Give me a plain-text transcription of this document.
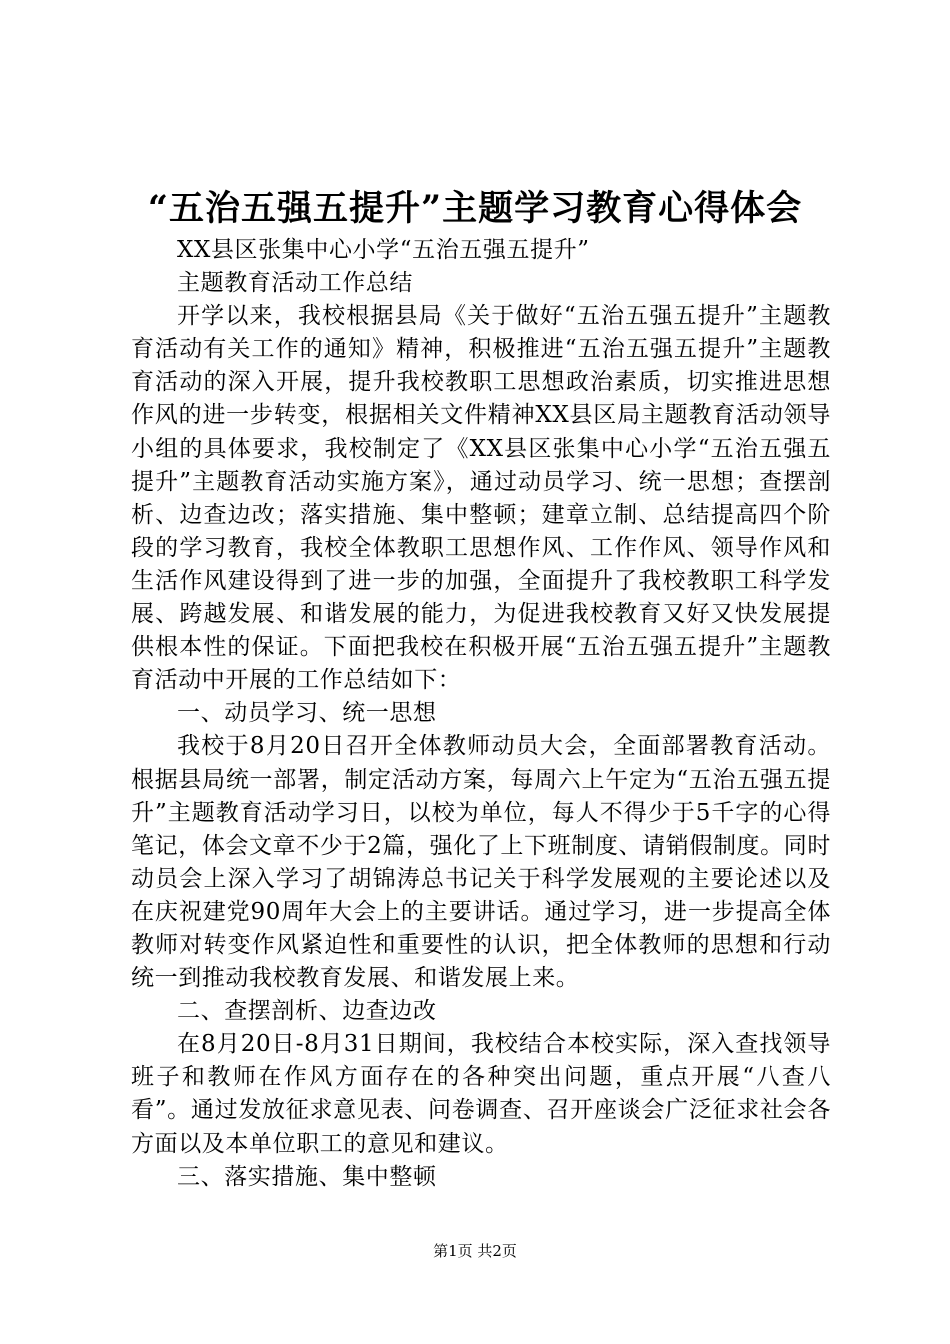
“五治五强五提升”主题学习教育心得体会

XX县区张集中心小学“五治五强五提升”

主题教育活动工作总结

开学以来，我校根据县局《关于做好“五治五强五提升”主题教育活动有关工作的通知》精神，积极推进“五治五强五提升”主题教育活动的深入开展，提升我校教职工思想政治素质，切实推进思想作风的进一步转变，根据相关文件精神XX县区局主题教育活动领导小组的具体要求，我校制定了《XX县区张集中心小学“五治五强五提升”主题教育活动实施方案》，通过动员学习、统一思想；查摆剖析、边查边改；落实措施、集中整顿；建章立制、总结提高四个阶段的学习教育，我校全体教职工思想作风、工作作风、领导作风和生活作风建设得到了进一步的加强，全面提升了我校教职工科学发展、跨越发展、和谐发展的能力，为促进我校教育又好又快发展提供根本性的保证。下面把我校在积极开展“五治五强五提升”主题教育活动中开展的工作总结如下：

一、动员学习、统一思想

我校于8月20日召开全体教师动员大会，全面部署教育活动。根据县局统一部署，制定活动方案，每周六上午定为“五治五强五提升”主题教育活动学习日，以校为单位，每人不得少于5千字的心得笔记，体会文章不少于2篇，强化了上下班制度、请销假制度。同时动员会上深入学习了胡锦涛总书记关于科学发展观的主要论述以及在庆祝建党90周年大会上的主要讲话。通过学习，进一步提高全体教师对转变作风紧迫性和重要性的认识，把全体教师的思想和行动统一到推动我校教育发展、和谐发展上来。

二、查摆剖析、边查边改

在8月20日-8月31日期间，我校结合本校实际，深入查找领导班子和教师在作风方面存在的各种突出问题，重点开展“八查八看”。通过发放征求意见表、问卷调查、召开座谈会广泛征求社会各方面以及本单位职工的意见和建议。

三、落实措施、集中整顿

第1页 共2页
